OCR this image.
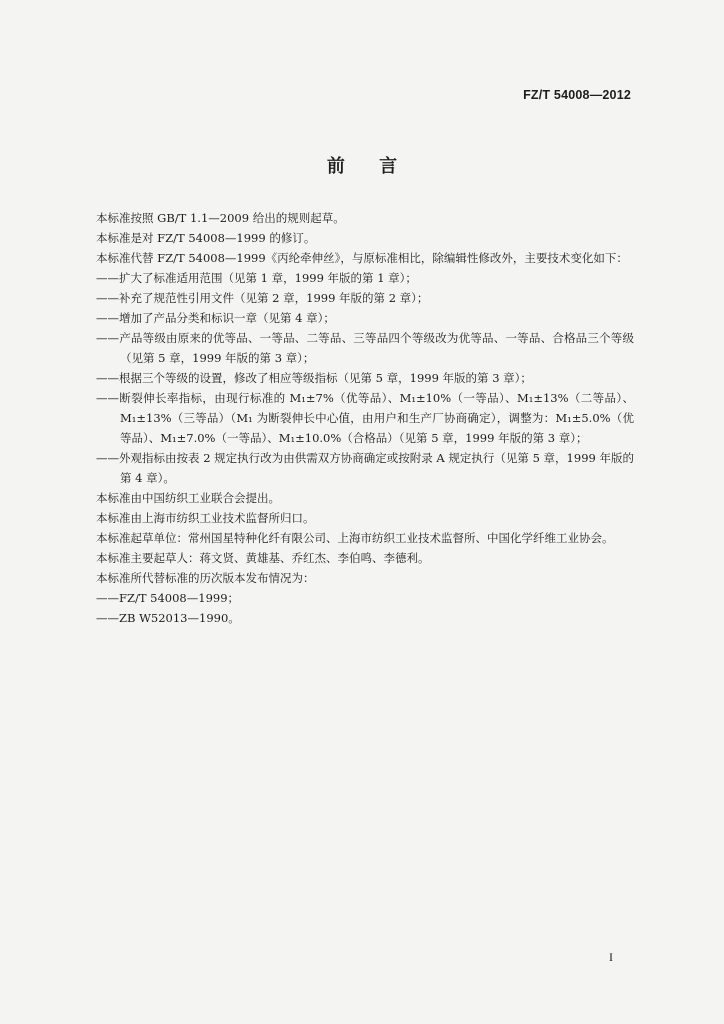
FZ/T 54008—2012
前 言

本标准按照 GB/T 1.1—2009 给出的规则起草。

本标准是对 FZ/T 54008—1999 的修订。

本标准代替 FZ/T 54008—1999《丙纶牵伸丝》，与原标准相比，除编辑性修改外，主要技术变化如下：

——扩大了标准适用范围（见第 1 章，1999 年版的第 1 章）；

——补充了规范性引用文件（见第 2 章，1999 年版的第 2 章）；

——增加了产品分类和标识一章（见第 4 章）；

——产品等级由原来的优等品、一等品、二等品、三等品四个等级改为优等品、一等品、合格品三个等级（见第 5 章，1999 年版的第 3 章）；

——根据三个等级的设置，修改了相应等级指标（见第 5 章，1999 年版的第 3 章）；

——断裂伸长率指标，由现行标准的 M₁±7%（优等品）、M₁±10%（一等品）、M₁±13%（二等品）、M₁±13%（三等品）（M₁ 为断裂伸长中心值，由用户和生产厂协商确定），调整为：M₁±5.0%（优等品）、M₁±7.0%（一等品）、M₁±10.0%（合格品）（见第 5 章，1999 年版的第 3 章）；

——外观指标由按表 2 规定执行改为由供需双方协商确定或按附录 A 规定执行（见第 5 章，1999 年版的第 4 章）。

本标准由中国纺织工业联合会提出。

本标准由上海市纺织工业技术监督所归口。

本标准起草单位：常州国星特种化纤有限公司、上海市纺织工业技术监督所、中国化学纤维工业协会。

本标准主要起草人：蒋文贤、黄雄基、乔红杰、李伯鸣、李德利。

本标准所代替标准的历次版本发布情况为：

——FZ/T 54008—1999；

——ZB W52013—1990。

I
